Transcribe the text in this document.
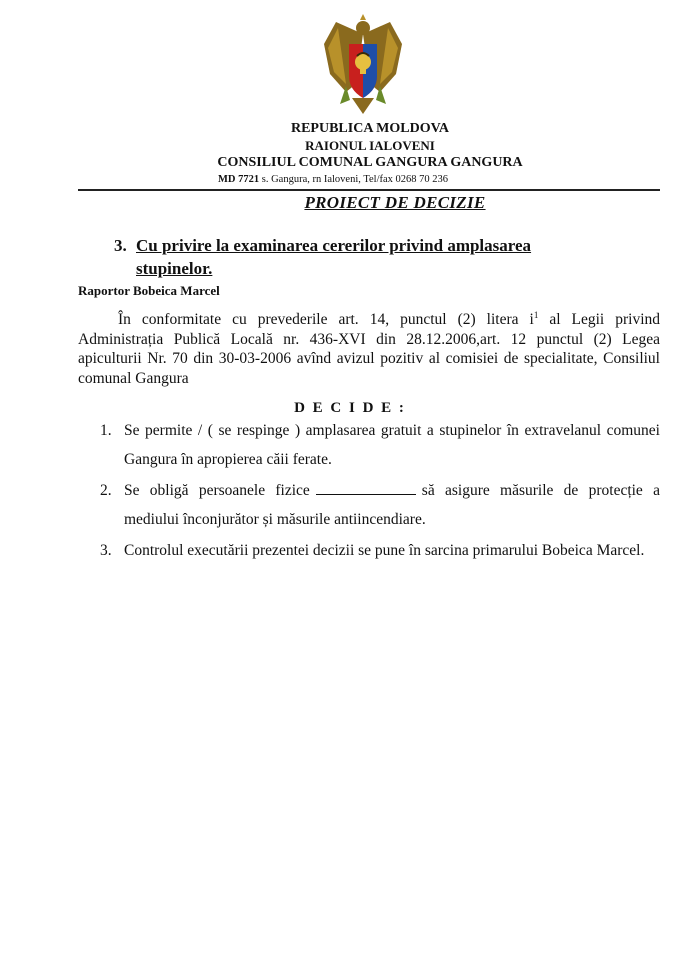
REPUBLICA MOLDOVA
RAIONUL IALOVENI
CONSILIUL COMUNAL GANGURA GANGURA
MD 7721 s. Gangura, rn Ialoveni, Tel/fax 0268 70 236
PROIECT DE DECIZIE
3. Cu privire la examinarea cererilor privind amplasarea
stupinelor.
Raportor Bobeica Marcel
În conformitate cu prevederile art. 14, punctul (2) litera $i^1$ al Legii privind Administrația Publică Locală nr. 436-XVI din 28.12.2006,art. 12 punctul (2) Legea apiculturii Nr. 70 din 30-03-2006 avînd avizul pozitiv al comisiei de specialitate, Consiliul comunal Gangura
D E C I D E :
1. Se permite / ( se respinge ) amplasarea gratuit a stupinelor în extravelanul comunei Gangura în apropierea căii ferate.
2. Se obligă persoanele fizice	să asigure măsurile de protecție a mediului înconjurător și măsurile antiincendiare.
3. Controlul executării prezentei decizii se pune în sarcina primarului Bobeica Marcel.
